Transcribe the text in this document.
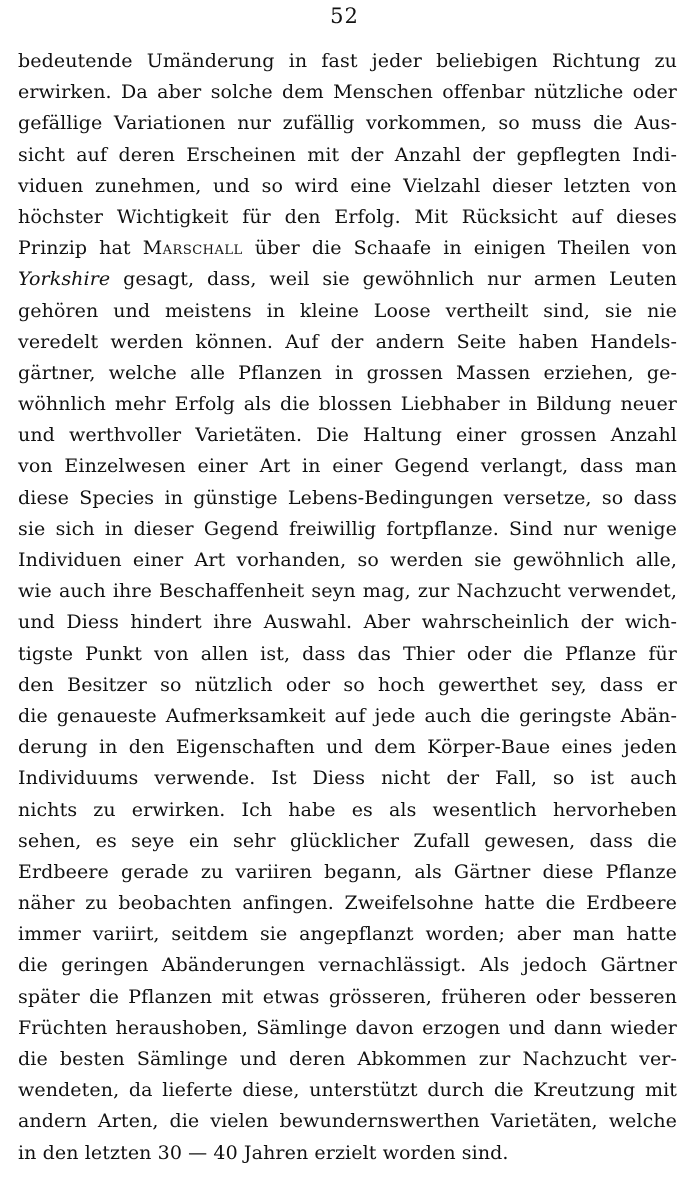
52
bedeutende Umänderung in fast jeder beliebigen Richtung zu
erwirken. Da aber solche dem Menschen offenbar nützliche oder
gefällige Variationen nur zufällig vorkommen, so muss die Aus-
sicht auf deren Erscheinen mit der Anzahl der gepflegten Indi-
viduen zunehmen, und so wird eine Vielzahl dieser letzten von
höchster Wichtigkeit für den Erfolg. Mit Rücksicht auf dieses
Prinzip hat Marschall über die Schaafe in einigen Theilen von
Yorkshire gesagt, dass, weil sie gewöhnlich nur armen Leuten
gehören und meistens in kleine Loose vertheilt sind, sie nie
veredelt werden können. Auf der andern Seite haben Handels-
gärtner, welche alle Pflanzen in grossen Massen erziehen, ge-
wöhnlich mehr Erfolg als die blossen Liebhaber in Bildung neuer
und werthvoller Varietäten. Die Haltung einer grossen Anzahl
von Einzelwesen einer Art in einer Gegend verlangt, dass man
diese Species in günstige Lebens-Bedingungen versetze, so dass
sie sich in dieser Gegend freiwillig fortpflanze. Sind nur wenige
Individuen einer Art vorhanden, so werden sie gewöhnlich alle,
wie auch ihre Beschaffenheit seyn mag, zur Nachzucht verwendet,
und Diess hindert ihre Auswahl. Aber wahrscheinlich der wich-
tigste Punkt von allen ist, dass das Thier oder die Pflanze für
den Besitzer so nützlich oder so hoch gewerthet sey, dass er
die genaueste Aufmerksamkeit auf jede auch die geringste Abän-
derung in den Eigenschaften und dem Körper-Baue eines jeden
Individuums verwende. Ist Diess nicht der Fall, so ist auch
nichts zu erwirken. Ich habe es als wesentlich hervorheben
sehen, es seye ein sehr glücklicher Zufall gewesen, dass die
Erdbeere gerade zu variiren begann, als Gärtner diese Pflanze
näher zu beobachten anfingen. Zweifelsohne hatte die Erdbeere
immer variirt, seitdem sie angepflanzt worden; aber man hatte
die geringen Abänderungen vernachlässigt. Als jedoch Gärtner
später die Pflanzen mit etwas grösseren, früheren oder besseren
Früchten heraushoben, Sämlinge davon erzogen und dann wieder
die besten Sämlinge und deren Abkommen zur Nachzucht ver-
wendeten, da lieferte diese, unterstützt durch die Kreutzung mit
andern Arten, die vielen bewundernswerthen Varietäten, welche
in den letzten 30 — 40 Jahren erzielt worden sind.
